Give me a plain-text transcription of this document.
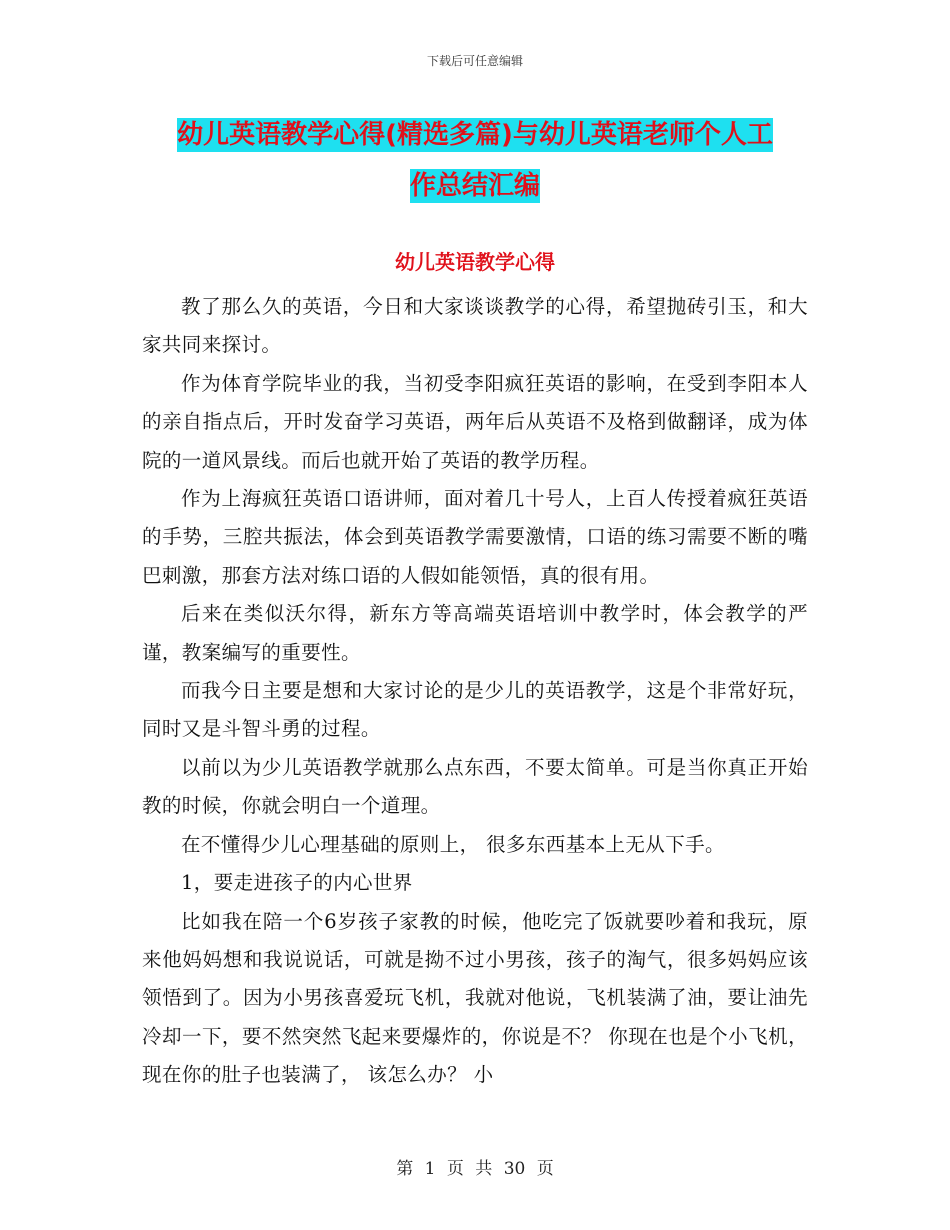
下载后可任意编辑
幼儿英语教学心得(精选多篇)与幼儿英语老师个人工
作总结汇编
幼儿英语教学心得

教了那么久的英语，今日和大家谈谈教学的心得，希望抛砖引玉，和大家共同来探讨。

作为体育学院毕业的我，当初受李阳疯狂英语的影响，在受到李阳本人的亲自指点后，开时发奋学习英语，两年后从英语不及格到做翻译，成为体院的一道风景线。而后也就开始了英语的教学历程。

作为上海疯狂英语口语讲师，面对着几十号人，上百人传授着疯狂英语的手势，三腔共振法，体会到英语教学需要激情，口语的练习需要不断的嘴巴刺激，那套方法对练口语的人假如能领悟，真的很有用。

后来在类似沃尔得，新东方等高端英语培训中教学时，体会教学的严谨，教案编写的重要性。

而我今日主要是想和大家讨论的是少儿的英语教学，这是个非常好玩，同时又是斗智斗勇的过程。

以前以为少儿英语教学就那么点东西，不要太简单。可是当你真正开始教的时候，你就会明白一个道理。

在不懂得少儿心理基础的原则上， 很多东西基本上无从下手。

1，要走进孩子的内心世界

比如我在陪一个6岁孩子家教的时候，他吃完了饭就要吵着和我玩，原来他妈妈想和我说说话，可就是拗不过小男孩，孩子的淘气，很多妈妈应该领悟到了。因为小男孩喜爱玩飞机，我就对他说，飞机装满了油，要让油先冷却一下，要不然突然飞起来要爆炸的，你说是不？ 你现在也是个小飞机，现在你的肚子也装满了， 该怎么办？ 小

第 1 页 共 30 页
